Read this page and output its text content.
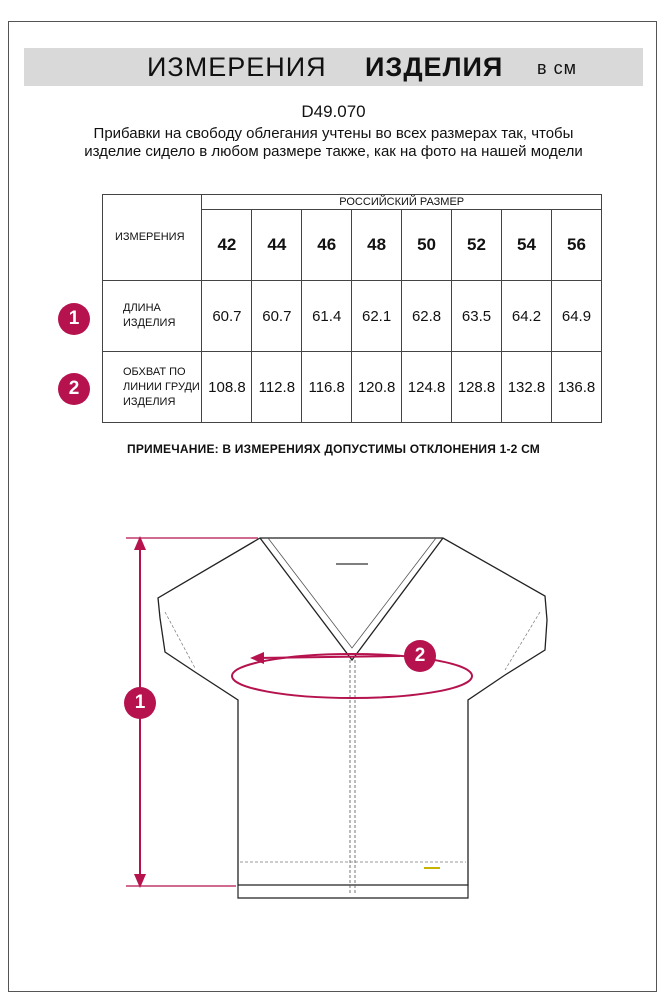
ИЗМЕРЕНИЯ ИЗДЕЛИЯ в см
D49.070
Прибавки на свободу облегания учтены во всех размерах так, чтобы изделие сидело в любом размере также, как на фото на нашей модели
ИЗМЕРЕНИЯ	РОССИЙСКИЙ РАЗМЕР							
	42	44	46	48	50	52	54	56
ДЛИНА ИЗДЕЛИЯ	60.7	60.7	61.4	62.1	62.8	63.5	64.2	64.9
ОБХВАТ ПО ЛИНИИ ГРУДИ ИЗДЕЛИЯ	108.8	112.8	116.8	120.8	124.8	128.8	132.8	136.8
1
2
ПРИМЕЧАНИЕ: В ИЗМЕРЕНИЯХ ДОПУСТИМЫ ОТКЛОНЕНИЯ 1-2 СМ
1
2
